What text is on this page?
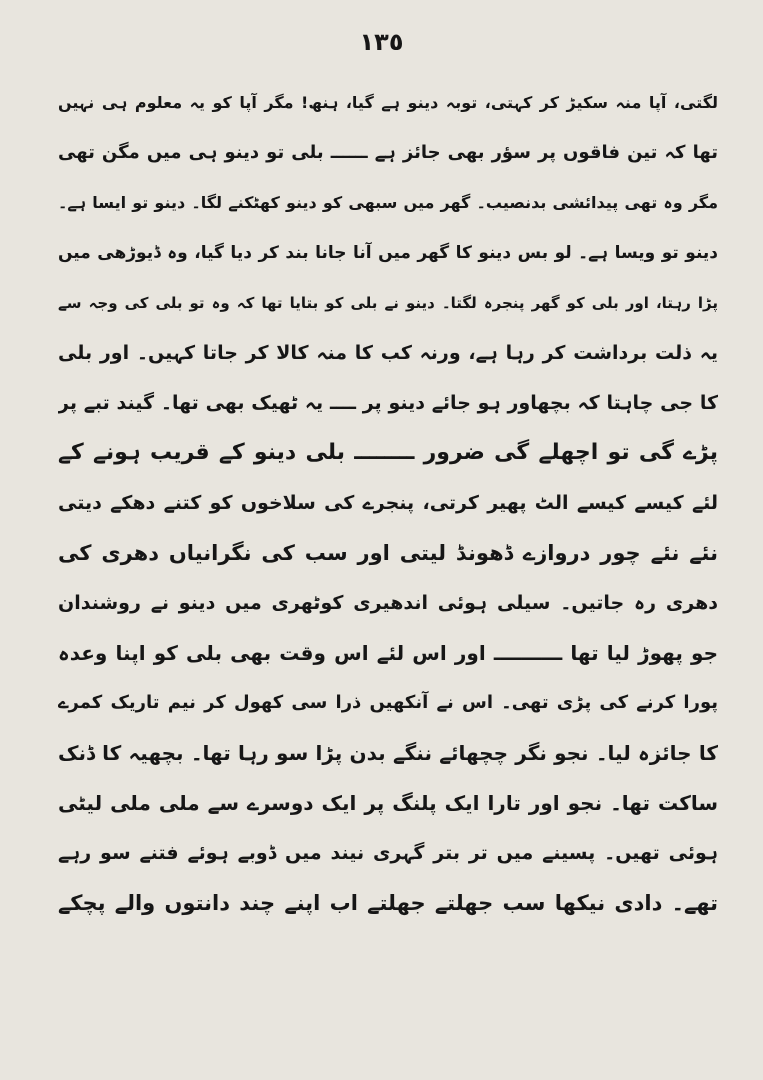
١٣٥
لگتی، آپا منہ سکیڑ کر کہتی، توبہ دینو ہے گیا، ہنھ! مگر آپا کو یہ معلوم ہی نہیں
تھا کہ تین فاقوں پر سؤر بھی جائز ہے ــــــ بلی تو دینو ہی میں مگن تھی
مگر وہ تھی پیدائشی بدنصیب۔ گھر میں سبھی کو دینو کھٹکنے لگا۔ دینو تو ایسا ہے۔
دینو تو ویسا ہے۔ لو بس دینو کا گھر میں آنا جانا بند کر دیا گیا، وہ ڈیوڑھی میں
پڑا رہتا، اور بلی کو گھر پنجرہ لگتا۔ دینو نے بلی کو بتایا تھا کہ وہ تو بلی کی وجہ سے
یہ ذلت برداشت کر رہا ہے، ورنہ کب کا منہ کالا کر جاتا کہیں۔ اور بلی
کا جی چاہتا کہ بچھاور ہو جائے دینو پر ــــ یہ ٹھیک بھی تھا۔ گیند تبے پر
پڑے گی تو اچھلے گی ضرور ــــــــ بلی دینو کے قریب ہونے کے
لئے کیسے کیسے الٹ پھیر کرتی، پنجرے کی سلاخوں کو کتنے دھکے دیتی
نئے نئے چور دروازے ڈھونڈ لیتی اور سب کی نگرانیاں دھری کی
دھری رہ جاتیں۔ سیلی ہوئی اندھیری کوٹھری میں دینو نے روشندان
جو پھوڑ لیا تھا ــــــــــ اور اس لئے اس وقت بھی بلی کو اپنا وعدہ
پورا کرنے کی پڑی تھی۔ اس نے آنکھیں ذرا سی کھول کر نیم تاریک کمرے
کا جائزہ لیا۔ نجو نگر چچھائے ننگے بدن پڑا سو رہا تھا۔ بچھیہ کا ڈنک
ساکت تھا۔ نجو اور تارا ایک پلنگ پر ایک دوسرے سے ملی ملی لیٹی
ہوئی تھیں۔ پسینے میں تر بتر گہری نیند میں ڈوبے ہوئے فتنے سو رہے
تھے۔ دادی نیکھا سب جھلتے جھلتے اب اپنے چند دانتوں والے پچکے
